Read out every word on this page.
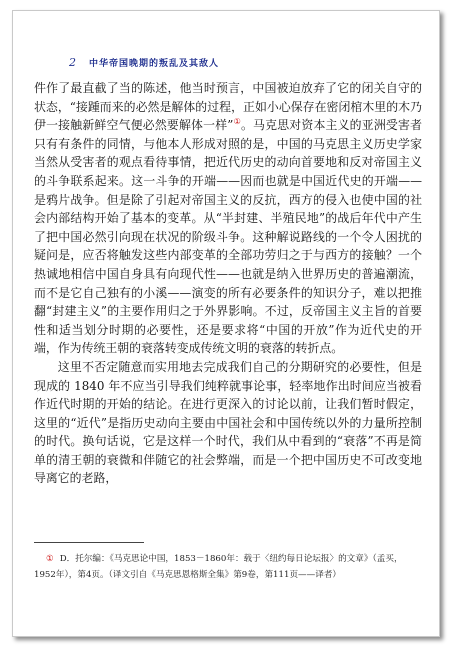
2 中华帝国晚期的叛乱及其敌人

件作了最直截了当的陈述，他当时预言，中国被迫放弃了它的闭关自守的状态，“接踵而来的必然是解体的过程，正如小心保存在密闭棺木里的木乃伊一接触新鲜空气便必然要解体一样”①。马克思对资本主义的亚洲受害者只有有条件的同情，与他本人形成对照的是，中国的马克思主义历史学家当然从受害者的观点看待事情，把近代历史的动向首要地和反对帝国主义的斗争联系起来。这一斗争的开端——因而也就是中国近代史的开端——是鸦片战争。但是除了引起对帝国主义的反抗，西方的侵入也使中国的社会内部结构开始了基本的变革。从“半封建、半殖民地”的战后年代中产生了把中国必然引向现在状况的阶级斗争。这种解说路线的一个令人困扰的疑问是，应否将触发这些内部变革的全部功劳归之于与西方的接触？一个热诚地相信中国自身具有向现代性——也就是纳入世界历史的普遍潮流，而不是它自己独有的小溪——演变的所有必要条件的知识分子，难以把推翻“封建主义”的主要作用归之于外界影响。不过，反帝国主义主旨的首要性和适当划分时期的必要性，还是要求将“中国的开放”作为近代史的开端，作为传统王朝的衰落转变成传统文明的衰落的转折点。

这里不否定随意而实用地去完成我们自己的分期研究的必要性，但是现成的 1840 年不应当引导我们纯粹就事论事，轻率地作出时间应当被看作近代时期的开始的结论。在进行更深入的讨论以前，让我们暂时假定，这里的“近代”是指历史动向主要由中国社会和中国传统以外的力量所控制的时代。换句话说，它是这样一个时代，我们从中看到的“衰落”不再是简单的清王朝的衰微和伴随它的社会弊端，而是一个把中国历史不可改变地导离它的老路，

① D．托尔编：《马克思论中国，1853－1860年：载于〈纽约每日论坛报〉的文章》（孟买，1952年），第4页。（译文引自《马克思恩格斯全集》第9卷，第111页——译者）
